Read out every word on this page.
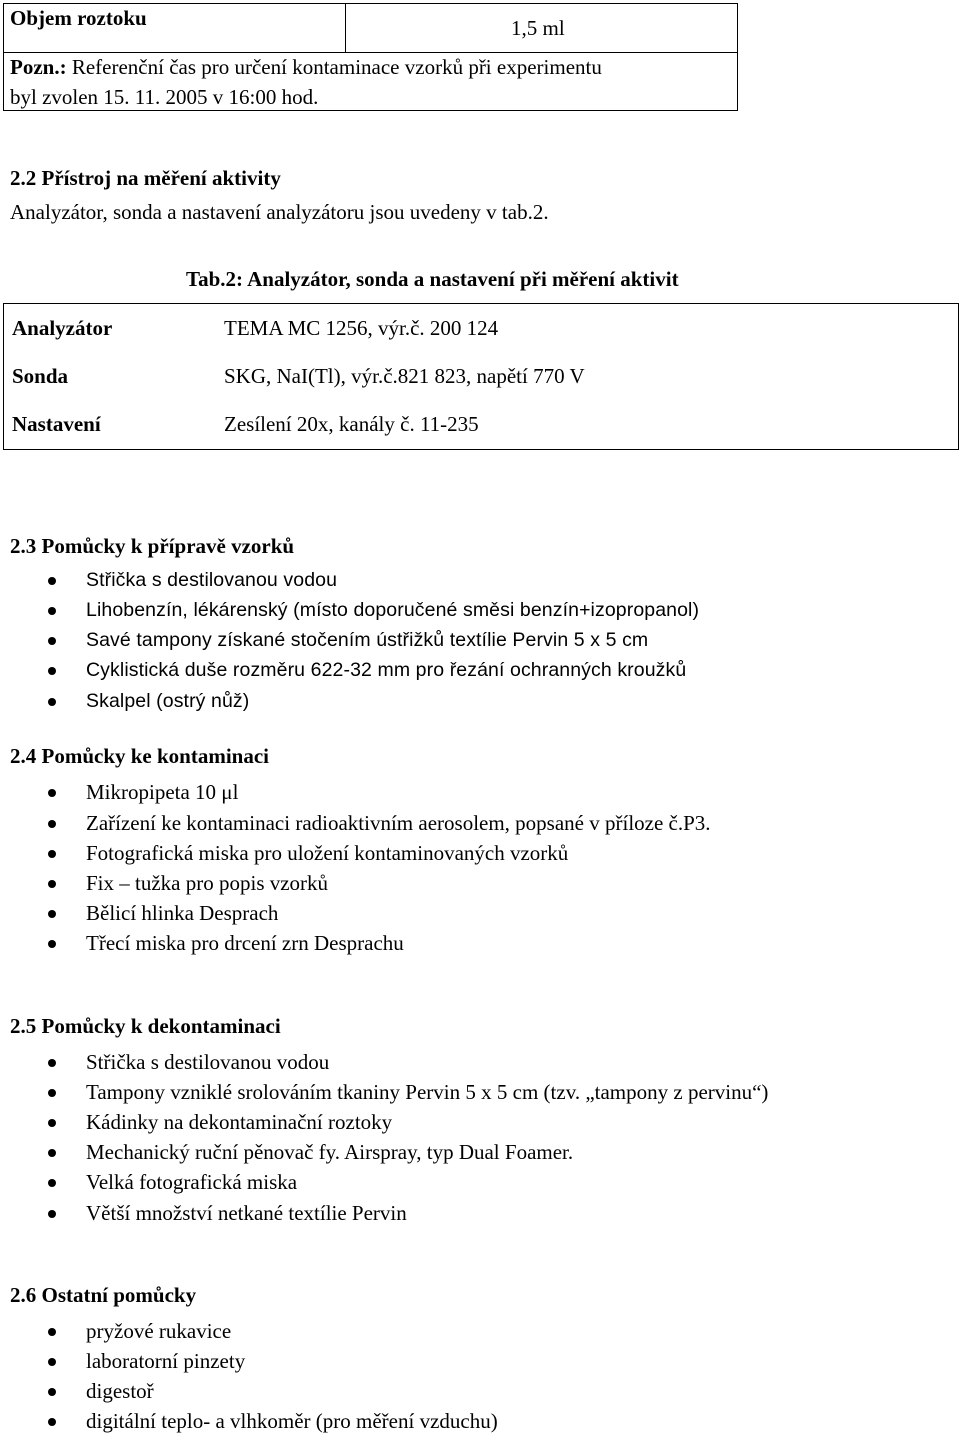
Objem roztoku	1,5 ml
Pozn.: Referenční čas pro určení kontaminace vzorků při experimentu
byl zvolen 15. 11. 2005 v 16:00 hod.
2.2 Přístroj na měření aktivity
Analyzátor, sonda a nastavení analyzátoru jsou uvedeny v tab.2.
Tab.2: Analyzátor, sonda a nastavení při měření aktivit
Analyzátor	TEMA MC 1256, výr.č. 200 124
Sonda	SKG, NaI(Tl), výr.č.821 823, napětí 770 V
Nastavení	Zesílení 20x, kanály č. 11-235
2.3 Pomůcky k přípravě vzorků
Střička s destilovanou vodou
Lihobenzín, lékárenský (místo doporučené směsi benzín+izopropanol)
Savé tampony získané stočením ústřižků textílie Pervin 5 x 5 cm
Cyklistická duše rozměru 622-32 mm pro řezání ochranných kroužků
Skalpel (ostrý nůž)
2.4 Pomůcky ke kontaminaci
Mikropipeta 10 μl
Zařízení ke kontaminaci radioaktivním aerosolem, popsané v příloze č.P3.
Fotografická miska pro uložení kontaminovaných vzorků
Fix – tužka pro popis vzorků
Bělicí hlinka Desprach
Třecí miska pro drcení zrn Desprachu
2.5 Pomůcky k dekontaminaci
Střička s destilovanou vodou
Tampony vzniklé srolováním tkaniny Pervin 5 x 5 cm (tzv. „tampony z pervinu“)
Kádinky na dekontaminační roztoky
Mechanický ruční pěnovač fy. Airspray, typ Dual Foamer.
Velká fotografická miska
Větší množství netkané textílie Pervin
2.6 Ostatní pomůcky
pryžové rukavice
laboratorní pinzety
digestoř
digitální teplo- a vlhkoměr (pro měření vzduchu)
